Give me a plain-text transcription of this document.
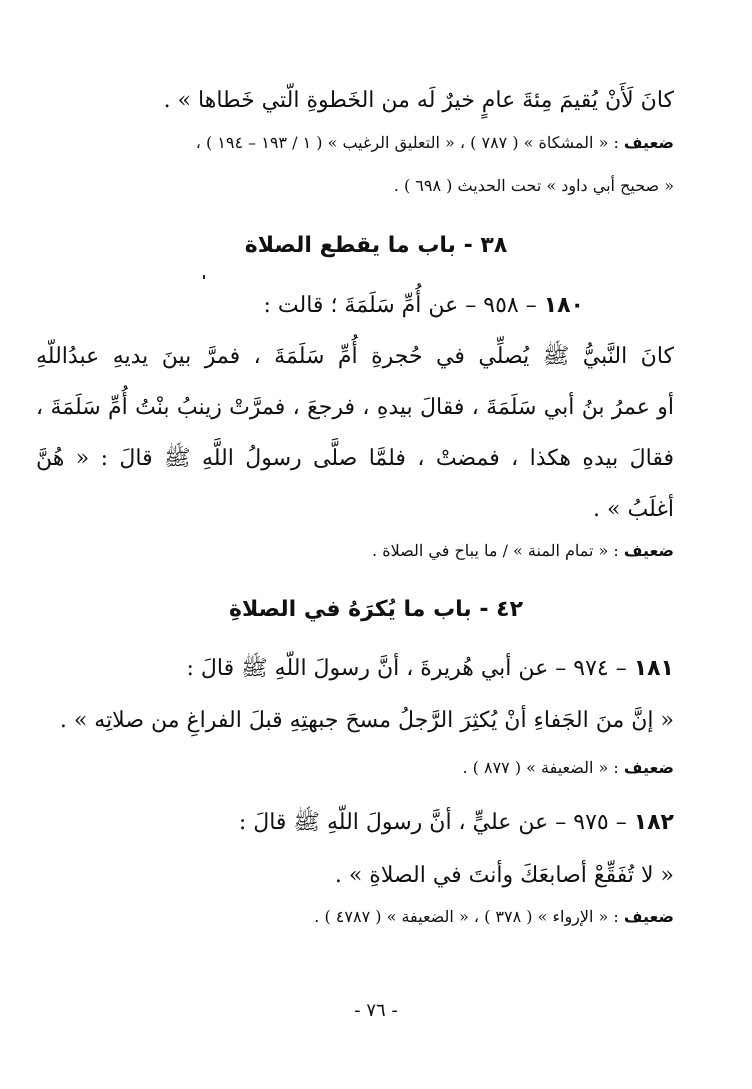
كانَ لَأَنْ يُقيمَ مِئةَ عامٍ خيرٌ لَه من الخَطوةِ الّتي خَطاها » .
ضعيف : « المشكاة » ( ٧٨٧ ) ، « التعليق الرغيب » ( ١ / ١٩٣ – ١٩٤ ) ،
« صحيح أبي داود » تحت الحديث ( ٦٩٨ ) .
٣٨ - باب ما يقطع الصلاة
١٨٠ – ٩٥٨ – عن أُمِّ سَلَمَةَ ؛ قالت :
كانَ النَّبيُّ ﷺ يُصلِّي في حُجرةِ أُمِّ سَلَمَةَ ، فمرَّ بينَ يديهِ عبدُاللّهِ
أو عمرُ بنُ أبي سَلَمَةَ ، فقالَ بيدهِ ، فرجعَ ، فمرَّتْ زينبُ بنْتُ أُمِّ سَلَمَةَ ،
فقالَ بيدهِ هكذا ، فمضتْ ، فلمَّا صلَّى رسولُ اللَّهِ ﷺ قالَ : « هُنَّ
أغلَبُ » .
ضعيف : « تمام المنة » / ما يباح في الصلاة .
٤٢ - باب ما يُكرَهُ في الصلاةِ
١٨١ – ٩٧٤ – عن أبي هُريرةَ ، أنَّ رسولَ اللّهِ ﷺ قالَ :
« إنَّ منَ الجَفاءِ أنْ يُكثِرَ الرَّجلُ مسحَ جبهتِهِ قبلَ الفراغِ من صلاتِه » .
ضعيف : « الضعيفة » ( ٨٧٧ ) .
١٨٢ – ٩٧٥ – عن عليٍّ ، أنَّ رسولَ اللّهِ ﷺ قالَ :
« لا تُفَقِّعْ أصابعَكَ وأنتَ في الصلاةِ » .
ضعيف : « الإرواء » ( ٣٧٨ ) ، « الضعيفة » ( ٤٧٨٧ ) .
- ٧٦ -
